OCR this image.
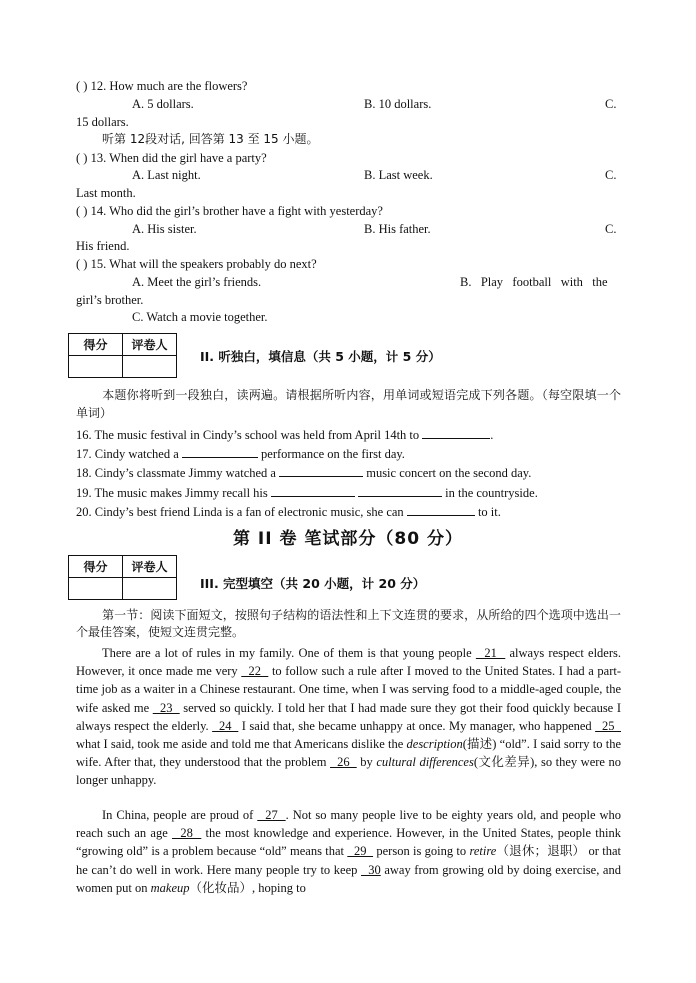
( ) 12. How much are the flowers?
A. 5 dollars.	B. 10 dollars.	C.
15 dollars.
听第 12段对话, 回答第 13 至 15 小题。
( ) 13. When did the girl have a party?
A. Last night.	B. Last week.	C.
Last month.
( ) 14. Who did the girl’s brother have a fight with yesterday?
A. His sister.	B. His father.	C.
His friend.
( ) 15. What will the speakers probably do next?
A. Meet the girl’s friends.	B.   Play   football   with   the
girl’s brother.
C. Watch a movie together.
得分	评卷人

II. 听独白，填信息（共 5 小题，计 5 分）
本题你将听到一段独白，读两遍。请根据所听内容，用单词或短语完成下列各题。（每空限填一个单词）
16. The music festival in Cindy’s school was held from April 14th to	.
17. Cindy watched a	performance on the first day.
18. Cindy’s classmate Jimmy watched a	music concert on the second day.
19. The music makes Jimmy recall his	in the countryside.
20. Cindy’s best friend Linda is a fan of electronic music, she can	to it.
第 II 卷 笔试部分（80 分）
得分	评卷人

III. 完型填空（共 20 小题，计 20 分）
第一节：阅读下面短文，按照句子结构的语法性和上下文连贯的要求，从所给的四个选项中选出一个最佳答案，使短文连贯完整。
There are a lot of rules in my family. One of them is that young people   21   always respect elders. However, it once made me very   22   to follow such a rule after I moved to the United States. I had a part-time job as a waiter in a Chinese restaurant. One time, when I was serving food to a middle-aged couple, the wife asked me   23   served so quickly. I told her that I had made sure they got their food quickly because I always respect the elderly.   24   I said that, she became unhappy at once. My manager, who happened   25   what I said, took me aside and told me that Americans dislike the description(描述) “old”. I said sorry to the wife. After that, they understood that the problem   26   by cultural differences(文化差异), so they were no longer unhappy.
In China, people are proud of   27  . Not so many people live to be eighty years old, and people who reach such an age   28   the most knowledge and experience. However, in the United States, people think “growing old” is a problem because “old” means that   29   person is going to retire（退休；退职） or that he can’t do well in work. Here many people try to keep   30 away from growing old by doing exercise, and women put on makeup（化妆品）, hoping to
